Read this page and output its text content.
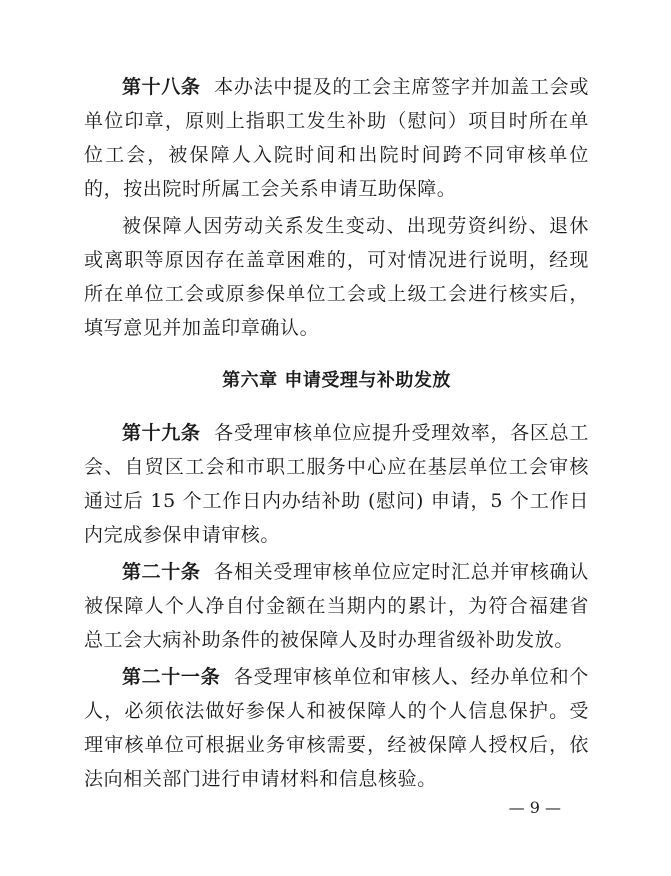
第十八条 本办法中提及的工会主席签字并加盖工会或单位印章，原则上指职工发生补助（慰问）项目时所在单位工会，被保障人入院时间和出院时间跨不同审核单位的，按出院时所属工会关系申请互助保障。

被保障人因劳动关系发生变动、出现劳资纠纷、退休或离职等原因存在盖章困难的，可对情况进行说明，经现所在单位工会或原参保单位工会或上级工会进行核实后，填写意见并加盖印章确认。

第六章 申请受理与补助发放

第十九条 各受理审核单位应提升受理效率，各区总工会、自贸区工会和市职工服务中心应在基层单位工会审核通过后 15 个工作日内办结补助 (慰问) 申请，5 个工作日内完成参保申请审核。

第二十条 各相关受理审核单位应定时汇总并审核确认被保障人个人净自付金额在当期内的累计，为符合福建省总工会大病补助条件的被保障人及时办理省级补助发放。

第二十一条 各受理审核单位和审核人、经办单位和个人，必须依法做好参保人和被保障人的个人信息保护。受理审核单位可根据业务审核需要，经被保障人授权后，依法向相关部门进行申请材料和信息核验。

— 9 —
